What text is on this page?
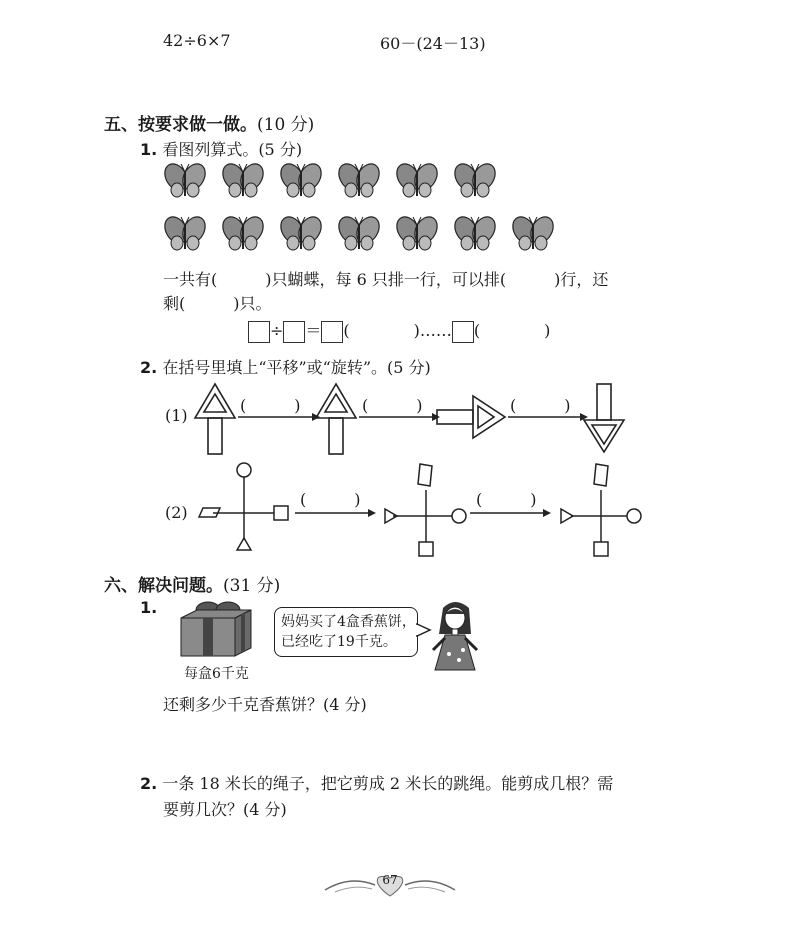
42÷6×7	60－(24－13)
五、按要求做一做。(10 分)
1. 看图列算式。(5 分)
一共有(　　　)只蝴蝶，每 6 只排一行，可以排(　　　)行，还
剩(　　　)只。
÷ ＝ (　　　　)…… (　　　　)
2. 在括号里填上“平移”或“旋转”。(5 分)
(1)
(　　　)	(　　　)	(　　　)
(2)
(　　　)	(　　　)
六、解决问题。(31 分)
1.
每盒6千克
妈妈买了4盒香蕉饼，
已经吃了19千克。
还剩多少千克香蕉饼？(4 分)
2. 一条 18 米长的绳子，把它剪成 2 米长的跳绳。能剪成几根？需
要剪几次？(4 分)
67
